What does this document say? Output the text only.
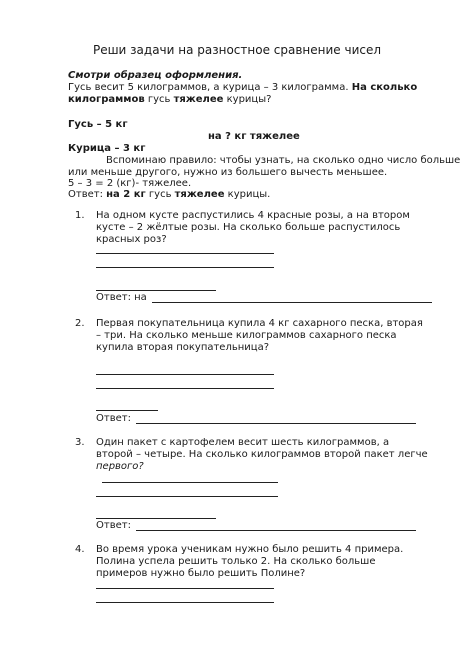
Реши задачи на разностное сравнение чисел
Смотри образец оформления.
Гусь весит 5 килограммов, а курица – 3 килограмма. На сколько
килограммов гусь тяжелее курицы?
Гусь – 5 кг
на ? кг тяжелее
Курица – 3 кг
Вспоминаю правило: чтобы узнать, на сколько одно число больше
или меньше другого, нужно из большего вычесть меньшее.
5 – 3 = 2 (кг)- тяжелее.
Ответ: на 2 кг гусь тяжелее курицы.
1. На одном кусте распустились 4 красные розы, а на втором
кусте – 2 жёлтые розы. На сколько больше распустилось
красных роз?
Ответ: на
2. Первая покупательница купила 4 кг сахарного песка, вторая
– три. На сколько меньше килограммов сахарного песка
купила вторая покупательница?
Ответ:
3. Один пакет с картофелем весит шесть килограммов, а
второй – четыре. На сколько килограммов второй пакет легче
первого?
Ответ:
4. Во время урока ученикам нужно было решить 4 примера.
Полина успела решить только 2. На сколько больше
примеров нужно было решить Полине?
